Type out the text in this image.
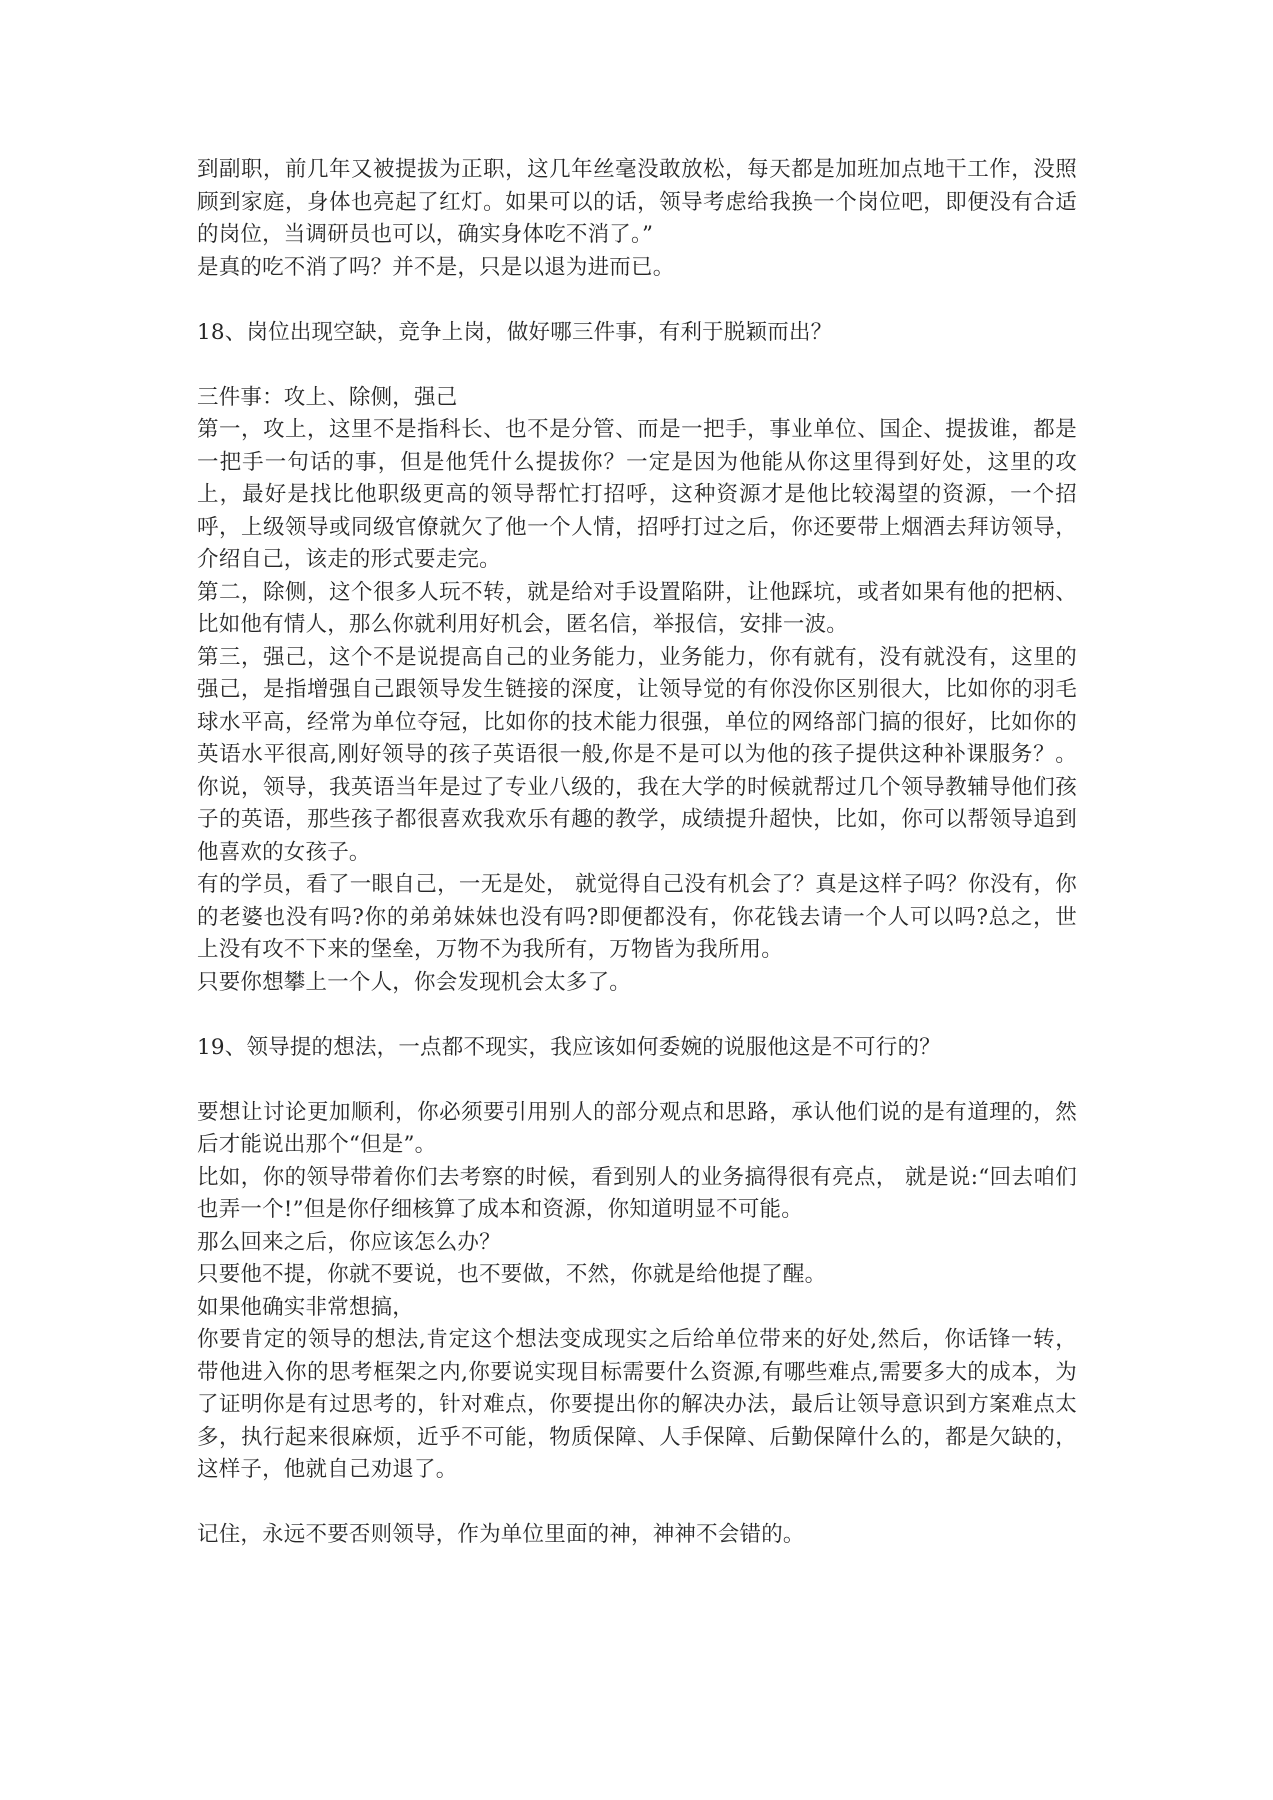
到副职，前几年又被提拔为正职，这几年丝毫没敢放松，每天都是加班加点地干工作，没照顾到家庭，身体也亮起了红灯。如果可以的话，领导考虑给我换一个岗位吧，即便没有合适的岗位，当调研员也可以，确实身体吃不消了。”

是真的吃不消了吗？并不是，只是以退为进而已。

18、岗位出现空缺，竞争上岗，做好哪三件事，有利于脱颖而出？

三件事：攻上、除侧，强己

第一，攻上，这里不是指科长、也不是分管、而是一把手，事业单位、国企、提拔谁，都是一把手一句话的事，但是他凭什么提拔你？一定是因为他能从你这里得到好处，这里的攻上，最好是找比他职级更高的领导帮忙打招呼，这种资源才是他比较渴望的资源，一个招呼，上级领导或同级官僚就欠了他一个人情，招呼打过之后，你还要带上烟酒去拜访领导，介绍自己，该走的形式要走完。

第二，除侧，这个很多人玩不转，就是给对手设置陷阱，让他踩坑，或者如果有他的把柄、比如他有情人，那么你就利用好机会，匿名信，举报信，安排一波。

第三，强己，这个不是说提高自己的业务能力，业务能力，你有就有，没有就没有，这里的强己，是指增强自己跟领导发生链接的深度，让领导觉的有你没你区别很大，比如你的羽毛球水平高，经常为单位夺冠，比如你的技术能力很强，单位的网络部门搞的很好，比如你的英语水平很高,刚好领导的孩子英语很一般,你是不是可以为他的孩子提供这种补课服务？。你说，领导，我英语当年是过了专业八级的，我在大学的时候就帮过几个领导教辅导他们孩子的英语，那些孩子都很喜欢我欢乐有趣的教学，成绩提升超快，比如，你可以帮领导追到他喜欢的女孩子。

有的学员，看了一眼自己，一无是处， 就觉得自己没有机会了？真是这样子吗？你没有，你的老婆也没有吗?你的弟弟妹妹也没有吗?即便都没有，你花钱去请一个人可以吗?总之，世上没有攻不下来的堡垒，万物不为我所有，万物皆为我所用。

只要你想攀上一个人，你会发现机会太多了。

19、领导提的想法，一点都不现实，我应该如何委婉的说服他这是不可行的？

要想让讨论更加顺利，你必须要引用别人的部分观点和思路，承认他们说的是有道理的，然后才能说出那个“但是”。

比如，你的领导带着你们去考察的时候，看到别人的业务搞得很有亮点， 就是说:“回去咱们也弄一个!”但是你仔细核算了成本和资源，你知道明显不可能。

那么回来之后，你应该怎么办？

只要他不提，你就不要说，也不要做，不然，你就是给他提了醒。

如果他确实非常想搞，

你要肯定的领导的想法,肯定这个想法变成现实之后给单位带来的好处,然后，你话锋一转，带他进入你的思考框架之内,你要说实现目标需要什么资源,有哪些难点,需要多大的成本，为了证明你是有过思考的，针对难点，你要提出你的解决办法，最后让领导意识到方案难点太多，执行起来很麻烦，近乎不可能，物质保障、人手保障、后勤保障什么的，都是欠缺的，这样子，他就自己劝退了。

记住，永远不要否则领导，作为单位里面的神，神神不会错的。
